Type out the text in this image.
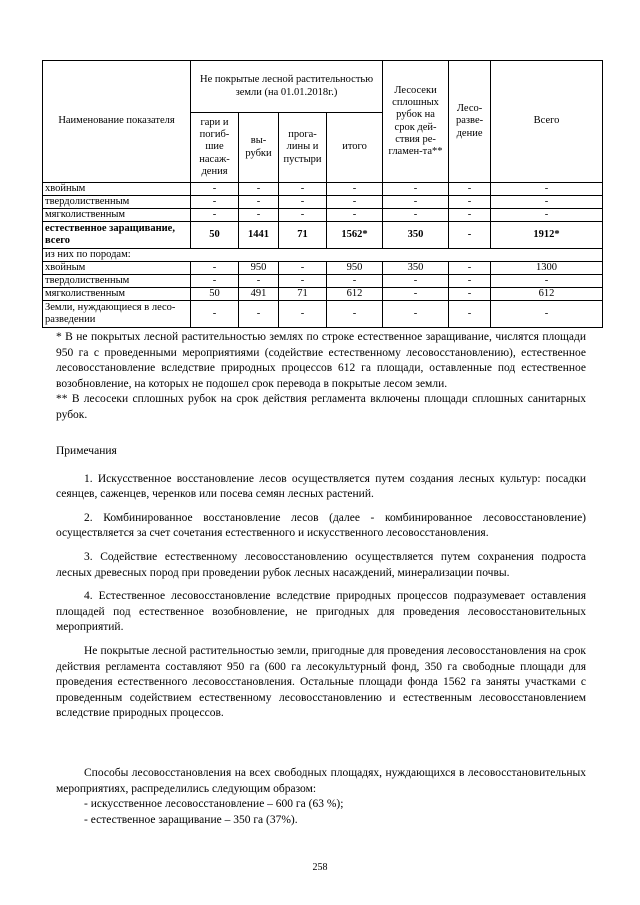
Наименование показателя	Не покрытые лесной растительностью земли (на 01.01.2018г.)				Лесосеки сплошных рубок на срок дей-ствия ре-гламен-та**	Лесо-разве-дение	Всего
	гари и погиб-шие насаж-дения	вы-рубки	прога-лины и пустыри	итого			
хвойным	-	-	-	-	-	-	-
твердолиственным	-	-	-	-	-	-	-
мягколиственным	-	-	-	-	-	-	-
естественное заращивание, всего	50	1441	71	1562*	350	-	1912*
из них по породам:							
хвойным	-	950	-	950	350	-	1300
твердолиственным	-	-	-	-	-	-	-
мягколиственным	50	491	71	612	-	-	612
Земли, нуждающиеся в лесо-разведении	-	-	-	-	-	-	-

* В не покрытых лесной растительностью землях по строке естественное заращивание, числятся площади 950 га с проведенными мероприятиями (содействие естественному лесовосстановлению), естественное лесовосстановление вследствие природных процессов 612 га площади, оставленные под естественное возобновление, на которых не подошел срок перевода в покрытые лесом земли.

** В лесосеки сплошных рубок на срок действия регламента включены площади сплошных санитарных рубок.

Примечания

1. Искусственное восстановление лесов осуществляется путем создания лесных культур: посадки сеянцев, саженцев, черенков или посева семян лесных растений.

2. Комбинированное восстановление лесов (далее - комбинированное лесовосстановление) осуществляется за счет сочетания естественного и искусственного лесовосстановления.

3. Содействие естественному лесовосстановлению осуществляется путем сохранения подроста лесных древесных пород при проведении рубок лесных насаждений, минерализации почвы.

4. Естественное лесовосстановление вследствие природных процессов подразумевает оставления площадей под естественное возобновление, не пригодных для проведения лесовосстановительных мероприятий.

Не покрытые лесной растительностью земли, пригодные для проведения лесовосстановления на срок действия регламента составляют 950 га (600 га лесокультурный фонд, 350 га свободные площади для проведения естественного лесовосстановления. Остальные площади фонда 1562 га заняты участками с проведенным содействием естественному лесовосстановлению и естественным лесовосстановлением вследствие природных процессов.

Способы лесовосстановления на всех свободных площадях, нуждающихся в лесовосстановительных мероприятиях, распределились следующим образом:

- искусственное лесовосстановление – 600 га (63 %);

- естественное заращивание – 350 га (37%).

258
